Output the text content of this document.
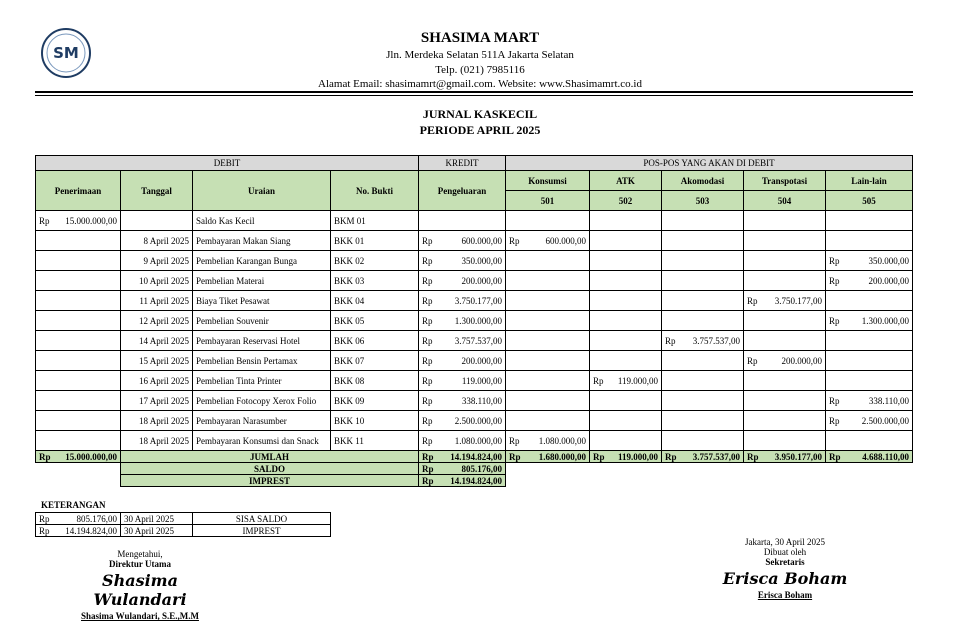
SM
SHASIMA MART
Jln. Merdeka Selatan 511A Jakarta Selatan
Telp. (021) 7985116
Alamat Email: shasimamrt@gmail.com. Website: www.Shasimamrt.co.id
JURNAL KASKECIL
PERIODE APRIL 2025
DEBIT				KREDIT	POS-POS YANG AKAN DI DEBIT				
Penerimaan	Tanggal	Uraian	No. Bukti	Pengeluaran	Konsumsi	ATK	Akomodasi	Transpotasi	Lain-lain
					501	502	503	504	505

Rp 15.000.000,00		Saldo Kas Kecil	BKM 01						
	8 April 2025	Pembayaran Makan Siang	BKK 01	Rp 600.000,00	Rp 600.000,00				

	9 April 2025	Pembelian Karangan Bunga	BKK 02	Rp 350.000,00					Rp 350.000,00

	10 April 2025	Pembelian Materai	BKK 03	Rp 200.000,00					Rp 200.000,00

	11 April 2025	Biaya Tiket Pesawat	BKK 04	Rp 3.750.177,00				Rp 3.750.177,00	

	12 April 2025	Pembelian Souvenir	BKK 05	Rp 1.300.000,00					Rp 1.300.000,00

	14 April 2025	Pembayaran Reservasi Hotel	BKK 06	Rp 3.757.537,00			Rp 3.757.537,00		

	15 April 2025	Pembelian Bensin Pertamax	BKK 07	Rp 200.000,00				Rp 200.000,00	

	16 April 2025	Pembelian Tinta Printer	BKK 08	Rp 119.000,00		Rp 119.000,00			

	17 April 2025	Pembelian Fotocopy Xerox Folio	BKK 09	Rp 338.110,00					Rp 338.110,00

	18 April 2025	Pembayaran Narasumber	BKK 10	Rp 2.500.000,00					Rp 2.500.000,00

	18 April 2025	Pembayaran Konsumsi dan Snack	BKK 11	Rp 1.080.000,00	Rp 1.080.000,00				

Rp 15.000.000,00	JUMLAH			Rp 14.194.824,00	Rp 1.680.000,00	Rp 119.000,00	Rp 3.757.537,00	Rp 3.950.177,00	Rp 4.688.110,00

	SALDO			Rp 805.176,00					

	IMPREST			Rp 14.194.824,00					
KETERANGAN
Rp 805.176,00	30 April 2025	SISA SALDO

Rp 14.194.824,00	30 April 2025	IMPREST
Mengetahui,
Direktur Utama
Shasima Wulandari
Shasima Wulandari, S.E.,M.M
Jakarta, 30 April 2025
Dibuat oleh
Sekretaris
Erisca Boham
Erisca Boham
